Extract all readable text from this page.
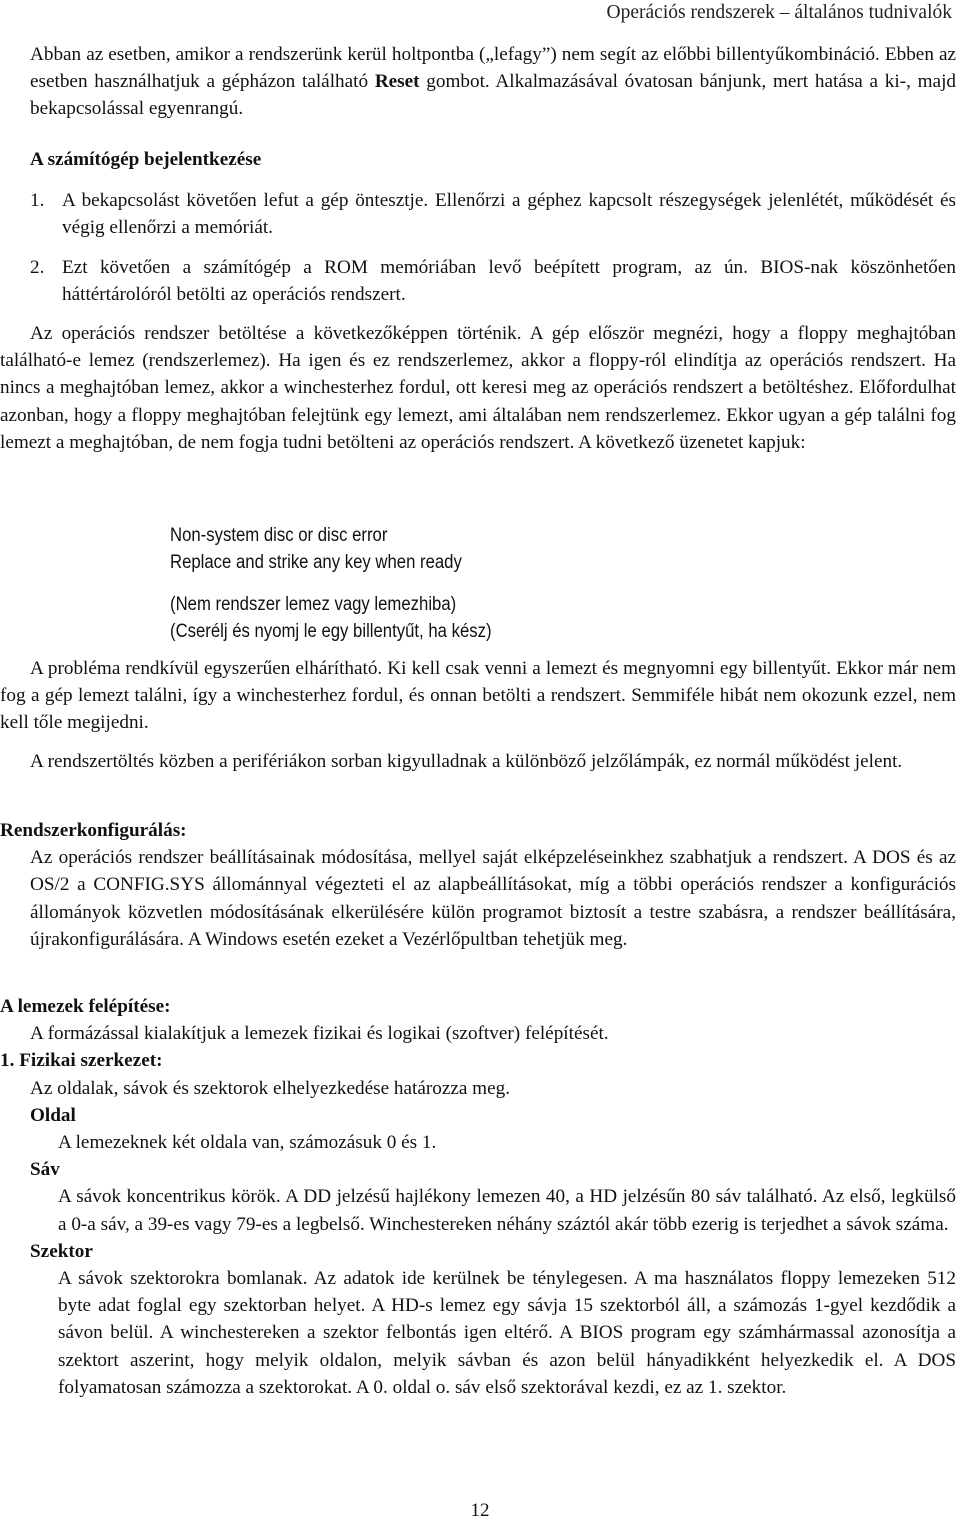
Operációs rendszerek – általános tudnivalók

Abban az esetben, amikor a rendszerünk kerül holtpontba („lefagy”) nem segít az előbbi billentyűkombináció. Ebben az esetben használhatjuk a gépházon található Reset gombot. Alkalmazásával óvatosan bánjunk, mert hatása a ki-, majd bekapcsolással egyenrangú.

A számítógép bejelentkezése

1. A bekapcsolást követően lefut a gép öntesztje. Ellenőrzi a géphez kapcsolt részegységek jelenlétét, működését és végig ellenőrzi a memóriát.
2. Ezt követően a számítógép a ROM memóriában levő beépített program, az ún. BIOS-nak köszönhetően háttértárolóról betölti az operációs rendszert.

Az operációs rendszer betöltése a következőképpen történik. A gép először megnézi, hogy a floppy meghajtóban található-e lemez (rendszerlemez). Ha igen és ez rendszerlemez, akkor a floppy-ról elindítja az operációs rendszert. Ha nincs a meghajtóban lemez, akkor a winchesterhez fordul, ott keresi meg az operációs rendszert a betöltéshez. Előfordulhat azonban, hogy a floppy meghajtóban felejtünk egy lemezt, ami általában nem rendszerlemez. Ekkor ugyan a gép találni fog lemezt a meghajtóban, de nem fogja tudni betölteni az operációs rendszert. A következő üzenetet kapjuk:

Non-system disc or disc error
Replace and strike any key when ready
(Nem rendszer lemez vagy lemezhiba)
(Cserélj és nyomj le egy billentyűt, ha kész)

A probléma rendkívül egyszerűen elhárítható. Ki kell csak venni a lemezt és megnyomni egy billentyűt. Ekkor már nem fog a gép lemezt találni, így a winchesterhez fordul, és onnan betölti a rendszert. Semmiféle hibát nem okozunk ezzel, nem kell tőle megijedni.

A rendszertöltés közben a perifériákon sorban kigyulladnak a különböző jelzőlámpák, ez normál működést jelent.

Rendszerkonfigurálás:

Az operációs rendszer beállításainak módosítása, mellyel saját elképzeléseinkhez szabhatjuk a rendszert. A DOS és az OS/2 a CONFIG.SYS állománnyal végezteti el az alapbeállításokat, míg a többi operációs rendszer a konfigurációs állományok közvetlen módosításának elkerülésére külön programot biztosít a testre szabásra, a rendszer beállítására, újrakonfigurálására. A Windows esetén ezeket a Vezérlőpultban tehetjük meg.

A lemezek felépítése:

A formázással kialakítjuk a lemezek fizikai és logikai (szoftver) felépítését.

1. Fizikai szerkezet:

Az oldalak, sávok és szektorok elhelyezkedése határozza meg.

Oldal

A lemezeknek két oldala van, számozásuk 0 és 1.

Sáv

A sávok koncentrikus körök. A DD jelzésű hajlékony lemezen 40, a HD jelzésűn 80 sáv található. Az első, legkülső a 0-a sáv, a 39-es vagy 79-es a legbelső. Winchestereken néhány száztól akár több ezerig is terjedhet a sávok száma.

Szektor

A sávok szektorokra bomlanak. Az adatok ide kerülnek be ténylegesen. A ma használatos floppy lemezeken 512 byte adat foglal egy szektorban helyet. A HD-s lemez egy sávja 15 szektorból áll, a számozás 1-gyel kezdődik a sávon belül. A winchestereken a szektor felbontás igen eltérő. A BIOS program egy számhármassal azonosítja a szektort aszerint, hogy melyik oldalon, melyik sávban és azon belül hányadikként helyezkedik el. A DOS folyamatosan számozza a szektorokat. A 0. oldal o. sáv első szektorával kezdi, ez az 1. szektor.

12
